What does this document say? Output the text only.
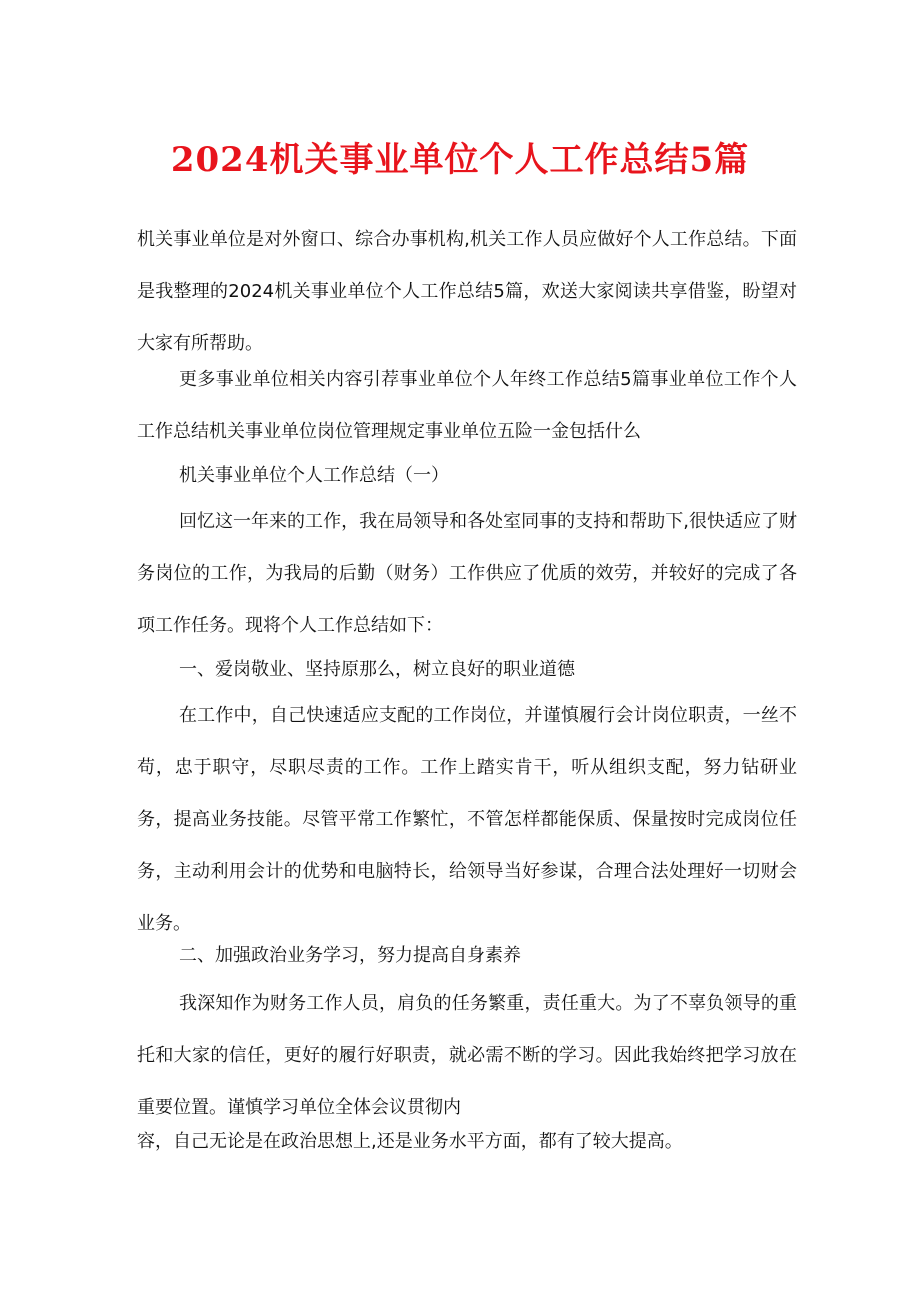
2024机关事业单位个人工作总结5篇

机关事业单位是对外窗口、综合办事机构,机关工作人员应做好个人工作总结。下面是我整理的2024机关事业单位个人工作总结5篇，欢送大家阅读共享借鉴，盼望对大家有所帮助。

更多事业单位相关内容引荐事业单位个人年终工作总结5篇事业单位工作个人工作总结机关事业单位岗位管理规定事业单位五险一金包括什么

机关事业单位个人工作总结（一）

回忆这一年来的工作，我在局领导和各处室同事的支持和帮助下,很快适应了财务岗位的工作，为我局的后勤（财务）工作供应了优质的效劳，并较好的完成了各项工作任务。现将个人工作总结如下：

一、爱岗敬业、坚持原那么，树立良好的职业道德

在工作中，自己快速适应支配的工作岗位，并谨慎履行会计岗位职责，一丝不苟，忠于职守，尽职尽责的工作。工作上踏实肯干，听从组织支配，努力钻研业务，提高业务技能。尽管平常工作繁忙，不管怎样都能保质、保量按时完成岗位任务，主动利用会计的优势和电脑特长，给领导当好参谋，合理合法处理好一切财会业务。

二、加强政治业务学习，努力提高自身素养

我深知作为财务工作人员，肩负的任务繁重，责任重大。为了不辜负领导的重托和大家的信任，更好的履行好职责，就必需不断的学习。因此我始终把学习放在重要位置。谨慎学习单位全体会议贯彻内

容，自己无论是在政治思想上,还是业务水平方面，都有了较大提高。
